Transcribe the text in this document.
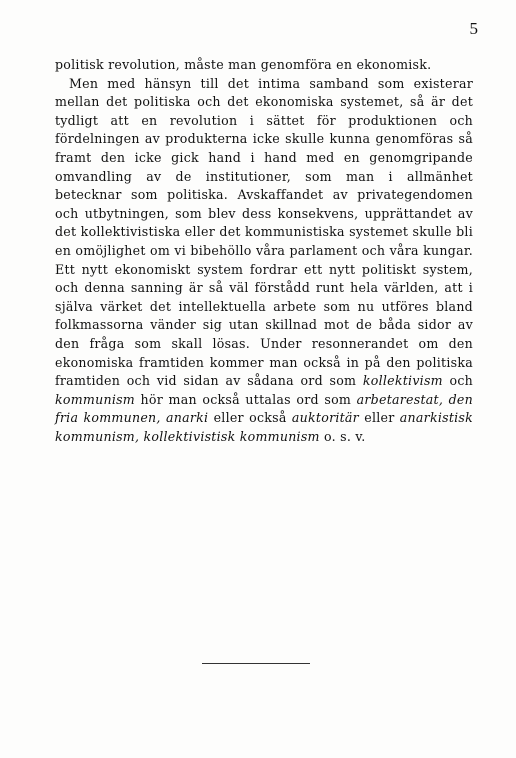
5

politisk revolution, måste man genomföra en ekonomisk.

Men med hänsyn till det intima samband som existerar mellan det politiska och det ekonomiska systemet, så är det tydligt att en revolution i sättet för produktionen och fördelningen av produkterna icke skulle kunna genomföras så framt den icke gick hand i hand med en genomgripande omvandling av de institutioner, som man i allmänhet betecknar som politiska. Avskaffandet av privategendomen och utbytningen, som blev dess konsekvens, upprättandet av det kollektivistiska eller det kommunistiska systemet skulle bli en omöjlighet om vi bibehöllo våra parlament och våra kungar. Ett nytt ekonomiskt system fordrar ett nytt politiskt system, och denna sanning är så väl förstådd runt hela världen, att i själva värket det intellektuella arbete som nu utföres bland folkmassorna vänder sig utan skillnad mot de båda sidor av den fråga som skall lösas. Under resonnerandet om den ekonomiska framtiden kommer man också in på den politiska framtiden och vid sidan av sådana ord som kollektivism och kommunism hör man också uttalas ord som arbetarestat, den fria kommunen, anarki eller också auktoritär eller anarkistisk kommunism, kollektivistisk kommunism o. s. v.
